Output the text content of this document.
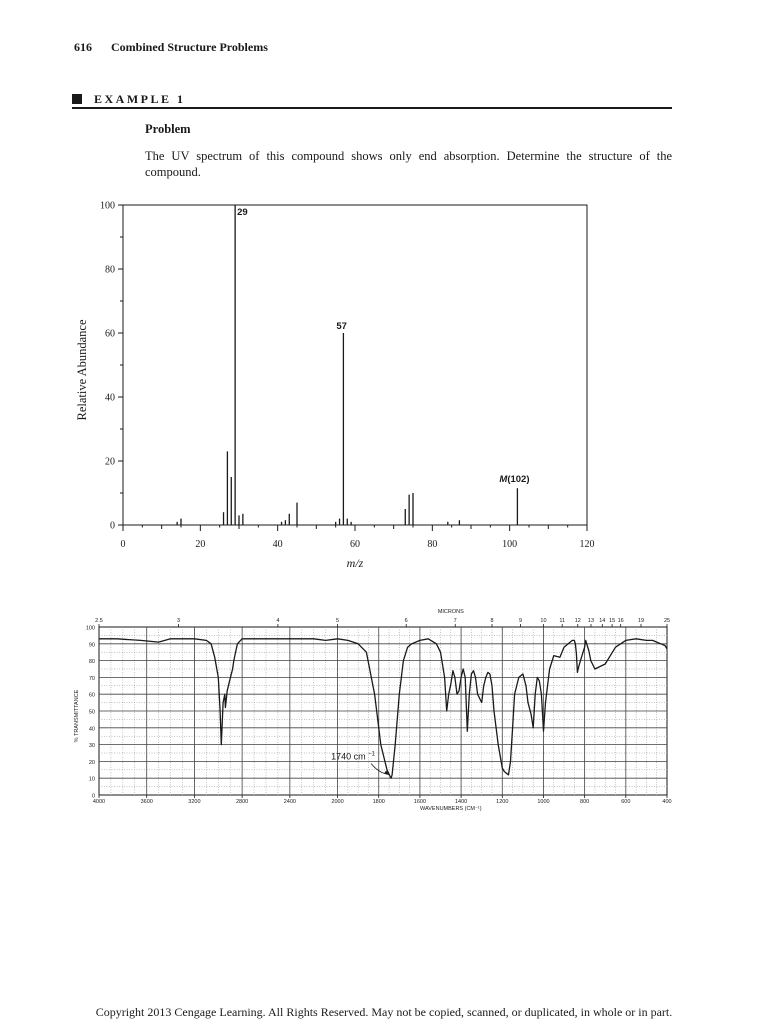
616 Combined Structure Problems
EXAMPLE 1
Problem
The UV spectrum of this compound shows only end absorption. Determine the structure of the compound.
0
20
40
60
80
100
0	20	40	60	80	100	120
29
57
M(102)
m/z
Relative Abundance
0
10
20
30
40
50
60
70
80
90
100
4000	3600	3200	2800	2400	2000	1800	1600	1400	1200	1000	800	600	400
2.5	3	4	5	6	7	8	9	10 11 12 13 14 15 16	19	25
MICRONS
WAVENUMBERS (CM⁻¹)
% TRANSMITTANCE
1740 cm $^{-1}$
Copyright 2013 Cengage Learning. All Rights Reserved. May not be copied, scanned, or duplicated, in whole or in part.
